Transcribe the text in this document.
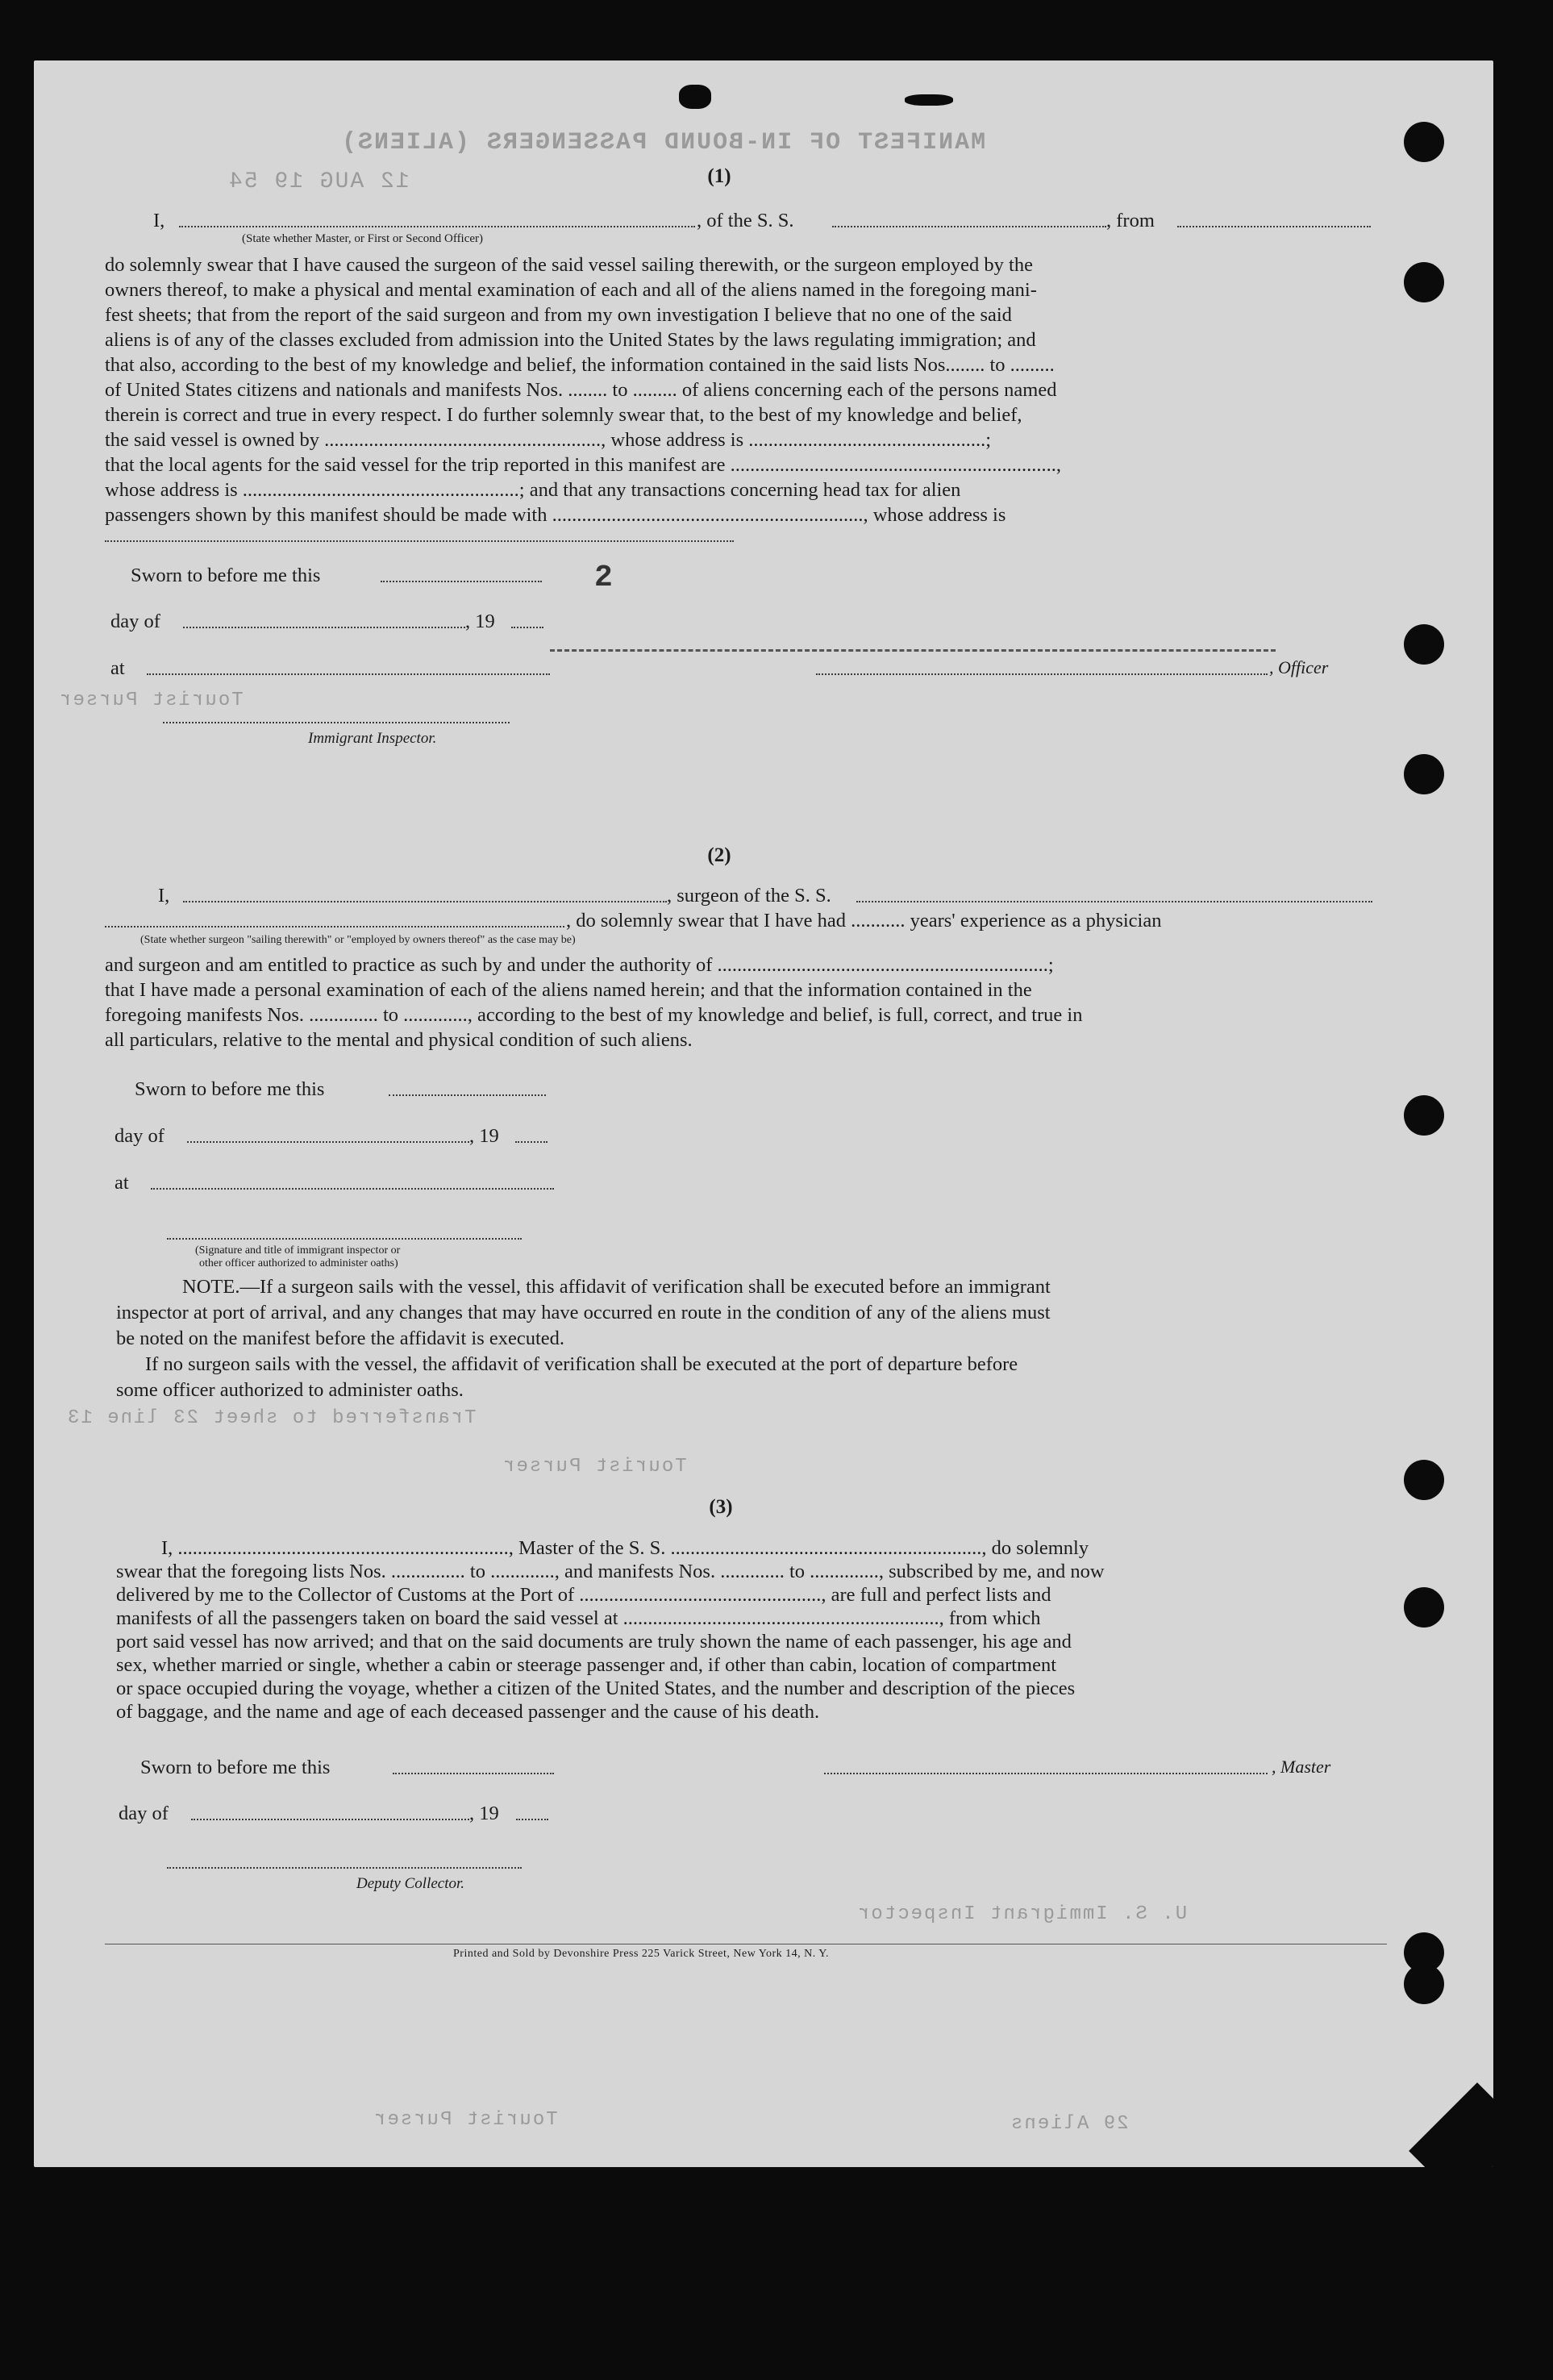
MANIFEST OF IN-BOUND PASSENGERS (ALIENS)
12 AUG 19 54
Tourist Purser
Transferred to sheet 23 line 13
Tourist Purser
U. S. Immigrant Inspector
Tourist Purser	29 Aliens
2
(1)
I,	, of the S. S.	, from
(State whether Master, or First or Second Officer)

do solemnly swear that I have caused the surgeon of the said vessel sailing therewith, or the surgeon employed by the

owners thereof, to make a physical and mental examination of each and all of the aliens named in the foregoing mani-

fest sheets; that from the report of the said surgeon and from my own investigation I believe that no one of the said

aliens is of any of the classes excluded from admission into the United States by the laws regulating immigration; and

that also, according to the best of my knowledge and belief, the information contained in the said lists Nos........ to .........

of United States citizens and nationals and manifests Nos. ........ to ......... of aliens concerning each of the persons named

therein is correct and true in every respect. I do further solemnly swear that, to the best of my knowledge and belief,

the said vessel is owned by ........................................................, whose address is ................................................;

that the local agents for the said vessel for the trip reported in this manifest are ..................................................................,

whose address is ........................................................; and that any transactions concerning head tax for alien

passengers shown by this manifest should be made with ..............................................................., whose address is

Sworn to before me this
day of	, 19
at	, Officer
Immigrant Inspector.
(2)
I,	, surgeon of the S. S.
, do solemnly swear that I have had ........... years' experience as a physician
(State whether surgeon "sailing therewith" or "employed by owners thereof" as the case may be)

and surgeon and am entitled to practice as such by and under the authority of ...................................................................;

that I have made a personal examination of each of the aliens named herein; and that the information contained in the

foregoing manifests Nos. .............. to ............., according to the best of my knowledge and belief, is full, correct, and true in

all particulars, relative to the mental and physical condition of such aliens.

Sworn to before me this
day of	, 19
at
(Signature and title of immigrant inspector or
other officer authorized to administer oaths)

NOTE.—If a surgeon sails with the vessel, this affidavit of verification shall be executed before an immigrant

inspector at port of arrival, and any changes that may have occurred en route in the condition of any of the aliens must

be noted on the manifest before the affidavit is executed.

If no surgeon sails with the vessel, the affidavit of verification shall be executed at the port of departure before

some officer authorized to administer oaths.

(3)

I, ..................................................................., Master of the S. S. ..............................................................., do solemnly

swear that the foregoing lists Nos. ............... to ............., and manifests Nos. ............. to .............., subscribed by me, and now

delivered by me to the Collector of Customs at the Port of ................................................., are full and perfect lists and

manifests of all the passengers taken on board the said vessel at ................................................................, from which

port said vessel has now arrived; and that on the said documents are truly shown the name of each passenger, his age and

sex, whether married or single, whether a cabin or steerage passenger and, if other than cabin, location of compartment

or space occupied during the voyage, whether a citizen of the United States, and the number and description of the pieces

of baggage, and the name and age of each deceased passenger and the cause of his death.

Sworn to before me this	, Master
day of	, 19
Deputy Collector.
Printed and Sold by Devonshire Press 225 Varick Street, New York 14, N. Y.
